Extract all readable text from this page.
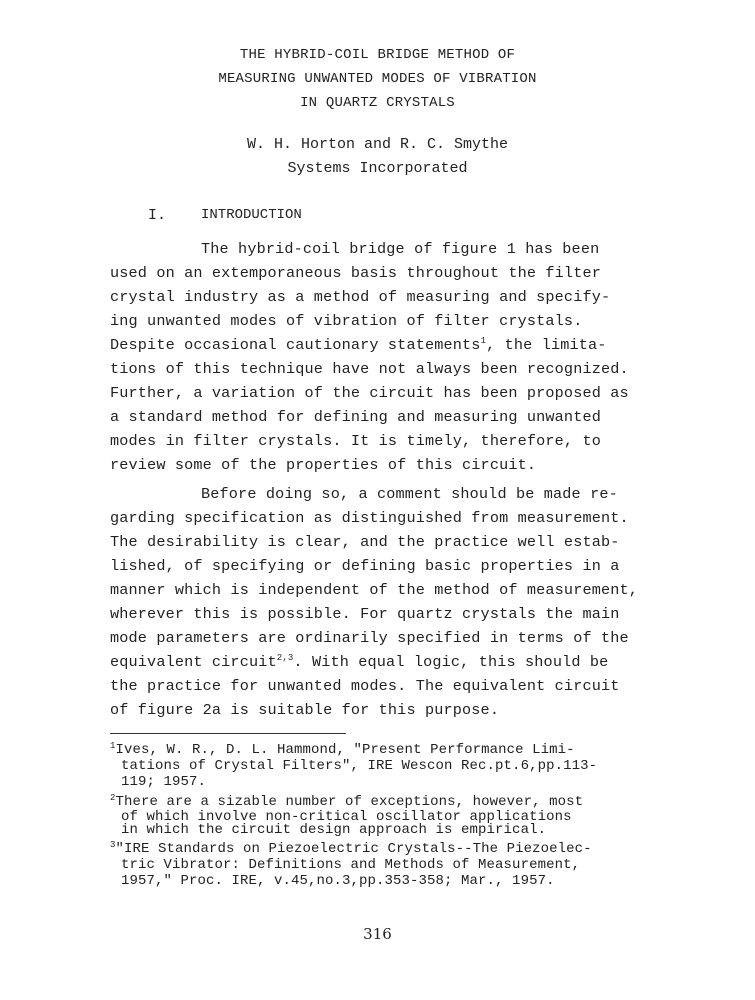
THE HYBRID-COIL BRIDGE METHOD OF
MEASURING UNWANTED MODES OF VIBRATION
IN QUARTZ CRYSTALS
W. H. Horton and R. C. Smythe
Systems Incorporated
I. INTRODUCTION
The hybrid-coil bridge of figure 1 has been
used on an extemporaneous basis throughout the filter
crystal industry as a method of measuring and specify-
ing unwanted modes of vibration of filter crystals.
Despite occasional cautionary statements$^1$, the limita-
tions of this technique have not always been recognized.
Further, a variation of the circuit has been proposed as
a standard method for defining and measuring unwanted
modes in filter crystals. It is timely, therefore, to
review some of the properties of this circuit.
Before doing so, a comment should be made re-
garding specification as distinguished from measurement.
The desirability is clear, and the practice well estab-
lished, of specifying or defining basic properties in a
manner which is independent of the method of measurement,
wherever this is possible. For quartz crystals the main
mode parameters are ordinarily specified in terms of the
equivalent circuit$^{2,3}$. With equal logic, this should be
the practice for unwanted modes. The equivalent circuit
of figure 2a is suitable for this purpose.
$^1$Ives, W. R., D. L. Hammond, "Present Performance Limi-
tations of Crystal Filters", IRE Wescon Rec.pt.6,pp.113-
119; 1957.
$^2$There are a sizable number of exceptions, however, most
of which involve non-critical oscillator applications
in which the circuit design approach is empirical.
$^3$"IRE Standards on Piezoelectric Crystals--The Piezoelec-
tric Vibrator: Definitions and Methods of Measurement,
1957," Proc. IRE, v.45,no.3,pp.353-358; Mar., 1957.
316
